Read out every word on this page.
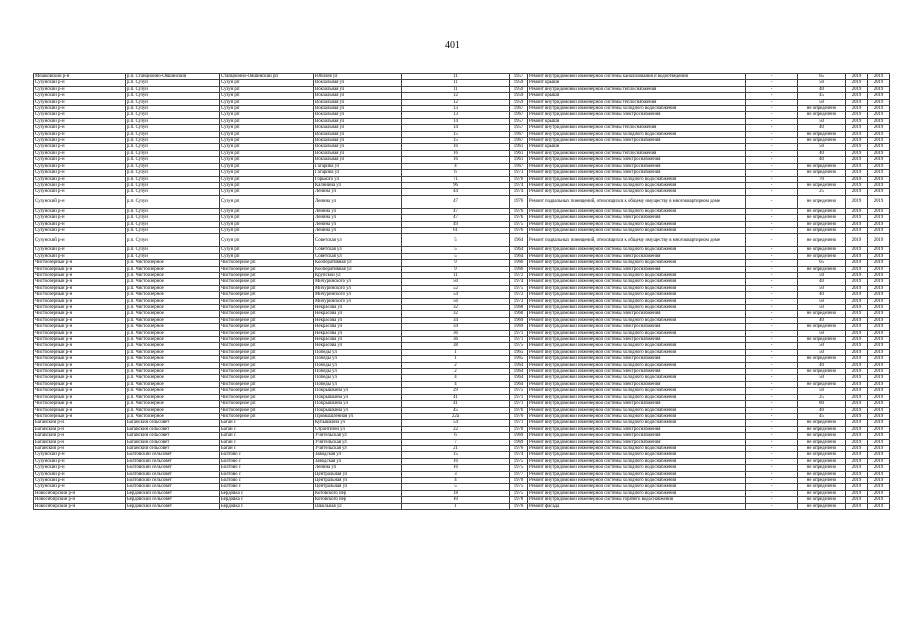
401
Мошковский р-н	р.п. Станционно-Ояшинский	Станционно-Ояшинский рп	Юбилея ул	11	1957	Ремонт внутридомовой инженерной системы канализования и водоотведения	-	65	2019	2019
Сузунский р-н	р.п. Сузун	Сузун рп	Вокзальная ул	11	1959	Ремонт крыши	-	50	2019	2019
Сузунский р-н	р.п. Сузун	Сузун рп	Вокзальная ул	11	1959	Ремонт внутридомовой инженерной системы теплоснабжения	-	40	2019	2019
Сузунский р-н	р.п. Сузун	Сузун рп	Вокзальная ул	12	1959	Ремонт крыши	-	45	2019	2019
Сузунский р-н	р.п. Сузун	Сузун рп	Вокзальная ул	12	1959	Ремонт внутридомовой инженерной системы теплоснабжения	-	50	2019	2019
Сузунский р-н	р.п. Сузун	Сузун рп	Вокзальная ул	13	1967	Ремонт внутридомовой инженерной системы холодного водоснабжения	-	не определено	2019	2019
Сузунский р-н	р.п. Сузун	Сузун рп	Вокзальная ул	13	1967	Ремонт внутридомовой инженерной системы электроснабжения	-	не определено	2019	2019
Сузунский р-н	р.п. Сузун	Сузун рп	Вокзальная ул	14	1957	Ремонт крыши	-	50	2019	2019
Сузунский р-н	р.п. Сузун	Сузун рп	Вокзальная ул	14	1957	Ремонт внутридомовой инженерной системы теплоснабжения	-	40	2019	2019
Сузунский р-н	р.п. Сузун	Сузун рп	Вокзальная ул	15	1967	Ремонт внутридомовой инженерной системы холодного водоснабжения	-	не определено	2019	2019
Сузунский р-н	р.п. Сузун	Сузун рп	Вокзальная ул	15	1967	Ремонт внутридомовой инженерной системы электроснабжения	-	не определено	2019	2019
Сузунский р-н	р.п. Сузун	Сузун рп	Вокзальная ул	16	1961	Ремонт крыши	-	50	2019	2019
Сузунский р-н	р.п. Сузун	Сузун рп	Вокзальная ул	16	1961	Ремонт внутридомовой инженерной системы теплоснабжения	-	40	2019	2019
Сузунский р-н	р.п. Сузун	Сузун рп	Вокзальная ул	16	1961	Ремонт внутридомовой инженерной системы электроснабжения	-	40	2019	2019
Сузунский р-н	р.п. Сузун	Сузун рп	Гагарина ул	4	1967	Ремонт внутридомовой инженерной системы электроснабжения	-	не определено	2019	2019
Сузунский р-н	р.п. Сузун	Сузун рп	Гагарина ул	6	1973	Ремонт внутридомовой инженерной системы электроснабжения	-	не определено	2019	2019
Сузунский р-н	р.п. Сузун	Сузун рп	Горького ул	71	1976	Ремонт внутридомовой инженерной системы холодного водоснабжения	-	70	2019	2019
Сузунский р-н	р.п. Сузун	Сузун рп	Калинина ул	96	1974	Ремонт внутридомовой инженерной системы холодного водоснабжения	-	не определено	2019	2019
Сузунский р-н	р.п. Сузун	Сузун рп	Ленина ул	44	1974	Ремонт внутридомовой инженерной системы холодного водоснабжения	-	25	2019	2019
Сузунский р-н	р.п. Сузун	Сузун рп	Ленина ул	47	1976	Ремонт подвальных помещений, относящихся к общему имуществу в многоквартирном доме	-	не определено	2019	2019
Сузунский р-н	р.п. Сузун	Сузун рп	Ленина ул	47	1976	Ремонт внутридомовой инженерной системы холодного водоснабжения	-	не определено	2019	2019
Сузунский р-н	р.п. Сузун	Сузун рп	Ленина ул	47	1976	Ремонт внутридомовой инженерной системы электроснабжения	-	не определено	2019	2019
Сузунский р-н	р.п. Сузун	Сузун рп	Ленина ул	49	1975	Ремонт внутридомовой инженерной системы холодного водоснабжения	-	не определено	2019	2019
Сузунский р-н	р.п. Сузун	Сузун рп	Ленина ул	61	1976	Ремонт внутридомовой инженерной системы холодного водоснабжения	-	не определено	2019	2019
Сузунский р-н	р.п. Сузун	Сузун рп	Советская ул	5	1964	Ремонт подвальных помещений, относящихся к общему имуществу в многоквартирном доме	-	не определено	2019	2019
Сузунский р-н	р.п. Сузун	Сузун рп	Советская ул	5	1964	Ремонт внутридомовой инженерной системы холодного водоснабжения	-	не определено	2019	2019
Сузунский р-н	р.п. Сузун	Сузун рп	Советская ул	5	1964	Ремонт внутридомовой инженерной системы электроснабжения	-	не определено	2019	2019
Чистоозерный р-н	р.п. Чистоозерное	Чистоозерное рп	Кооперативная ул	9	1966	Ремонт внутридомовой инженерной системы холодного водоснабжения	-	65	2019	2019
Чистоозерный р-н	р.п. Чистоозерное	Чистоозерное рп	Кооперативная ул	9	1966	Ремонт внутридомовой инженерной системы электроснабжения	-	не определено	2019	2019
Чистоозерный р-н	р.п. Чистоозерное	Чистоозерное рп	Крупской ул	11	1972	Ремонт внутридомовой инженерной системы холодного водоснабжения	-	50	2019	2019
Чистоозерный р-н	р.п. Чистоозерное	Чистоозерное рп	Мичуринского ул	50	1974	Ремонт внутридомовой инженерной системы холодного водоснабжения	-	40	2019	2019
Чистоозерный р-н	р.п. Чистоозерное	Чистоозерное рп	Мичуринского ул	52	1975	Ремонт внутридомовой инженерной системы холодного водоснабжения	-	50	2019	2019
Чистоозерный р-н	р.п. Чистоозерное	Чистоозерное рп	Мичуринского ул	54	1972	Ремонт внутридомовой инженерной системы холодного водоснабжения	-	40	2019	2019
Чистоозерный р-н	р.п. Чистоозерное	Чистоозерное рп	Мичуринского ул	56	1973	Ремонт внутридомовой инженерной системы холодного водоснабжения	-	50	2019	2019
Чистоозерный р-н	р.п. Чистоозерное	Чистоозерное рп	Некрасова ул	32	1968	Ремонт внутридомовой инженерной системы холодного водоснабжения	-	50	2019	2019
Чистоозерный р-н	р.п. Чистоозерное	Чистоозерное рп	Некрасова ул	32	1968	Ремонт внутридомовой инженерной системы электроснабжения	-	не определено	2019	2019
Чистоозерный р-н	р.п. Чистоозерное	Чистоозерное рп	Некрасова ул	34	1969	Ремонт внутридомовой инженерной системы холодного водоснабжения	-	40	2019	2019
Чистоозерный р-н	р.п. Чистоозерное	Чистоозерное рп	Некрасова ул	34	1969	Ремонт внутридомовой инженерной системы электроснабжения	-	не определено	2019	2019
Чистоозерный р-н	р.п. Чистоозерное	Чистоозерное рп	Некрасова ул	36	1971	Ремонт внутридомовой инженерной системы холодного водоснабжения	-	50	2019	2019
Чистоозерный р-н	р.п. Чистоозерное	Чистоозерное рп	Некрасова ул	36	1971	Ремонт внутридомовой инженерной системы электроснабжения	-	не определено	2019	2019
Чистоозерный р-н	р.п. Чистоозерное	Чистоозерное рп	Некрасова ул	38	1975	Ремонт внутридомовой инженерной системы холодного водоснабжения	-	50	2019	2019
Чистоозерный р-н	р.п. Чистоозерное	Чистоозерное рп	Победы ул	1	1965	Ремонт внутридомовой инженерной системы холодного водоснабжения	-	50	2019	2019
Чистоозерный р-н	р.п. Чистоозерное	Чистоозерное рп	Победы ул	1	1965	Ремонт внутридомовой инженерной системы электроснабжения	-	не определено	2019	2019
Чистоозерный р-н	р.п. Чистоозерное	Чистоозерное рп	Победы ул	2	1964	Ремонт внутридомовой инженерной системы холодного водоснабжения	-	40	2019	2019
Чистоозерный р-н	р.п. Чистоозерное	Чистоозерное рп	Победы ул	2	1964	Ремонт внутридомовой инженерной системы электроснабжения	-	не определено	2019	2019
Чистоозерный р-н	р.п. Чистоозерное	Чистоозерное рп	Победы ул	4	1964	Ремонт внутридомовой инженерной системы холодного водоснабжения	-	50	2019	2019
Чистоозерный р-н	р.п. Чистоозерное	Чистоозерное рп	Победы ул	4	1964	Ремонт внутридомовой инженерной системы электроснабжения	-	не определено	2019	2019
Чистоозерный р-н	р.п. Чистоозерное	Чистоозерное рп	Покрышкина ул	29	1975	Ремонт внутридомовой инженерной системы холодного водоснабжения	-	50	2019	2019
Чистоозерный р-н	р.п. Чистоозерное	Чистоозерное рп	Покрышкина ул	41	1971	Ремонт внутридомовой инженерной системы холодного водоснабжения	-	25	2019	2019
Чистоозерный р-н	р.п. Чистоозерное	Чистоозерное рп	Покрышкина ул	41	1971	Ремонт внутридомовой инженерной системы электроснабжения	-	80	2019	2019
Чистоозерный р-н	р.п. Чистоозерное	Чистоозерное рп	Покрышкина ул	45	1976	Ремонт внутридомовой инженерной системы холодного водоснабжения	-	40	2019	2019
Чистоозерный р-н	р.п. Чистоозерное	Чистоозерное рп	Промышленная ул	22а	1976	Ремонт внутридомовой инженерной системы холодного водоснабжения	-	45	2019	2019
Баганский р-н	Баганский сельсовет	Баган с	Кубышкина ул	54	1971	Ремонт внутридомовой инженерной системы холодного водоснабжения	-	не определено	2019	2019
Баганский р-н	Баганский сельсовет	Баган с	Строителей ул	22	1970	Ремонт внутридомовой инженерной системы электроснабжения	-	не определено	2019	2019
Баганский р-н	Баганский сельсовет	Баган с	Учительская ул	6	1969	Ремонт внутридомовой инженерной системы электроснабжения	-	не определено	2019	2019
Баганский р-н	Баганский сельсовет	Баган с	Учительская ул	7	1969	Ремонт внутридомовой инженерной системы электроснабжения	-	не определено	2019	2019
Баганский р-н	Баганский сельсовет	Баган с	Учительская ул	21	1976	Ремонт внутридомовой инженерной системы холодного водоснабжения	-	не определено	2019	2019
Сузунский р-н	Болтовский сельсовет	Болтово с	Заводская ул	15	1974	Ремонт внутридомовой инженерной системы холодного водоснабжения	-	не определено	2019	2019
Сузунский р-н	Болтовский сельсовет	Болтово с	Заводская ул	16	1975	Ремонт внутридомовой инженерной системы холодного водоснабжения	-	не определено	2019	2019
Сузунский р-н	Болтовский сельсовет	Болтово с	Ленина ул	16	1975	Ремонт внутридомовой инженерной системы холодного водоснабжения	-	не определено	2019	2019
Сузунский р-н	Болтовский сельсовет	Болтово с	Центральная ул	3	1977	Ремонт внутридомовой инженерной системы холодного водоснабжения	-	не определено	2019	2019
Сузунский р-н	Болтовский сельсовет	Болтово с	Центральная ул	4	1978	Ремонт внутридомовой инженерной системы холодного водоснабжения	-	не определено	2019	2019
Сузунский р-н	Болтовский сельсовет	Болтово с	Центральная ул	5	1975	Ремонт внутридомовой инженерной системы холодного водоснабжения	-	не определено	2019	2019
Новосибирский р-н	Бердовский сельсовет	Бердовка с	Котовского пер	18	1975	Ремонт внутридомовой инженерной системы холодного водоснабжения	-	не определено	2019	2019
Новосибирский р-н	Бердовский сельсовет	Бердовка с	Котовского пер	10	1978	Ремонт внутридомовой инженерной системы горячего водоснабжения	-	не определено	2019	2019
Новосибирский р-н	Бердовский сельсовет	Бердовка с	Школьная ул	1	1976	Ремонт фасада	-	не определено	2019	2019
